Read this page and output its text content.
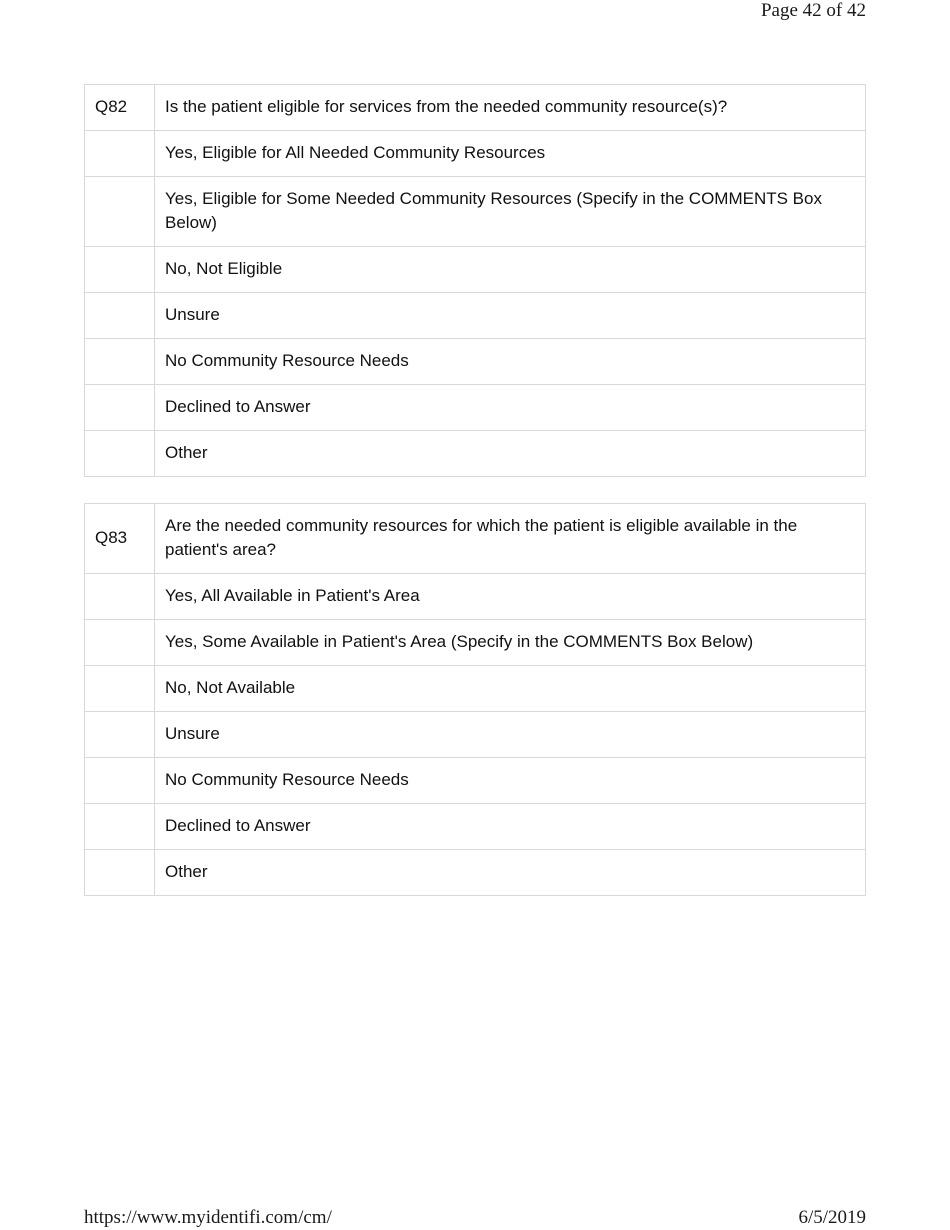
Page 42 of 42
Q82	Is the patient eligible for services from the needed community resource(s)?
	Yes, Eligible for All Needed Community Resources
	Yes, Eligible for Some Needed Community Resources (Specify in the COMMENTS Box Below)
	No, Not Eligible
	Unsure
	No Community Resource Needs
	Declined to Answer
	Other
Q83	Are the needed community resources for which the patient is eligible available in the patient's area?
	Yes, All Available in Patient's Area
	Yes, Some Available in Patient's Area (Specify in the COMMENTS Box Below)
	No, Not Available
	Unsure
	No Community Resource Needs
	Declined to Answer
	Other
https://www.myidentifi.com/cm/	6/5/2019
